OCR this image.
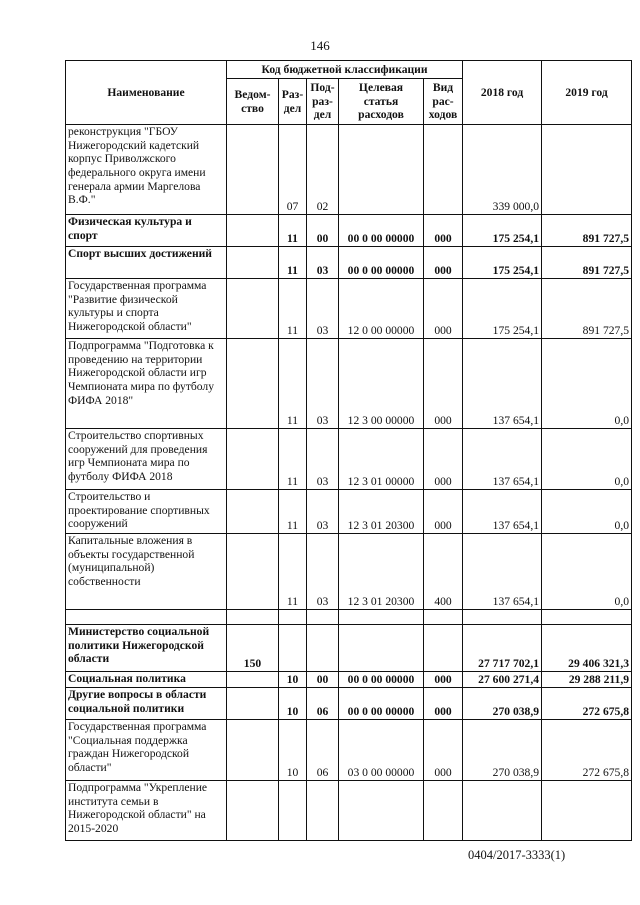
146
Наименование	Код бюджетной классификации					2018 год	2019 год
	Ведом-ство	Раз-дел	Под-раз-дел	Целевая статья расходов	Вид рас-ходов		
реконструкция "ГБОУ Нижегородский кадетский корпус Приволжского федерального округа имени генерала армии Маргелова В.Ф."		07	02			339 000,0	
Физическая культура и спорт		11	00	00 0 00 00000	000	175 254,1	891 727,5
Спорт высших достижений		11	03	00 0 00 00000	000	175 254,1	891 727,5
Государственная программа "Развитие физической культуры и спорта Нижегородской области"		11	03	12 0 00 00000	000	175 254,1	891 727,5
Подпрограмма "Подготовка к проведению на территории Нижегородской области игр Чемпионата мира по футболу ФИФА 2018"		11	03	12 3 00 00000	000	137 654,1	0,0
Строительство спортивных сооружений для проведения игр Чемпионата мира по футболу ФИФА 2018		11	03	12 3 01 00000	000	137 654,1	0,0
Строительство и проектирование спортивных сооружений		11	03	12 3 01 20300	000	137 654,1	0,0
Капитальные вложения в объекты государственной (муниципальной) собственности		11	03	12 3 01 20300	400	137 654,1	0,0

Министерство социальной политики Нижегородской области	150					27 717 702,1	29 406 321,3
Социальная политика		10	00	00 0 00 00000	000	27 600 271,4	29 288 211,9
Другие вопросы в области социальной политики		10	06	00 0 00 00000	000	270 038,9	272 675,8
Государственная программа "Социальная поддержка граждан Нижегородской области"		10	06	03 0 00 00000	000	270 038,9	272 675,8
Подпрограмма "Укрепление института семьи в Нижегородской области" на 2015-2020							
0404/2017-3333(1)
